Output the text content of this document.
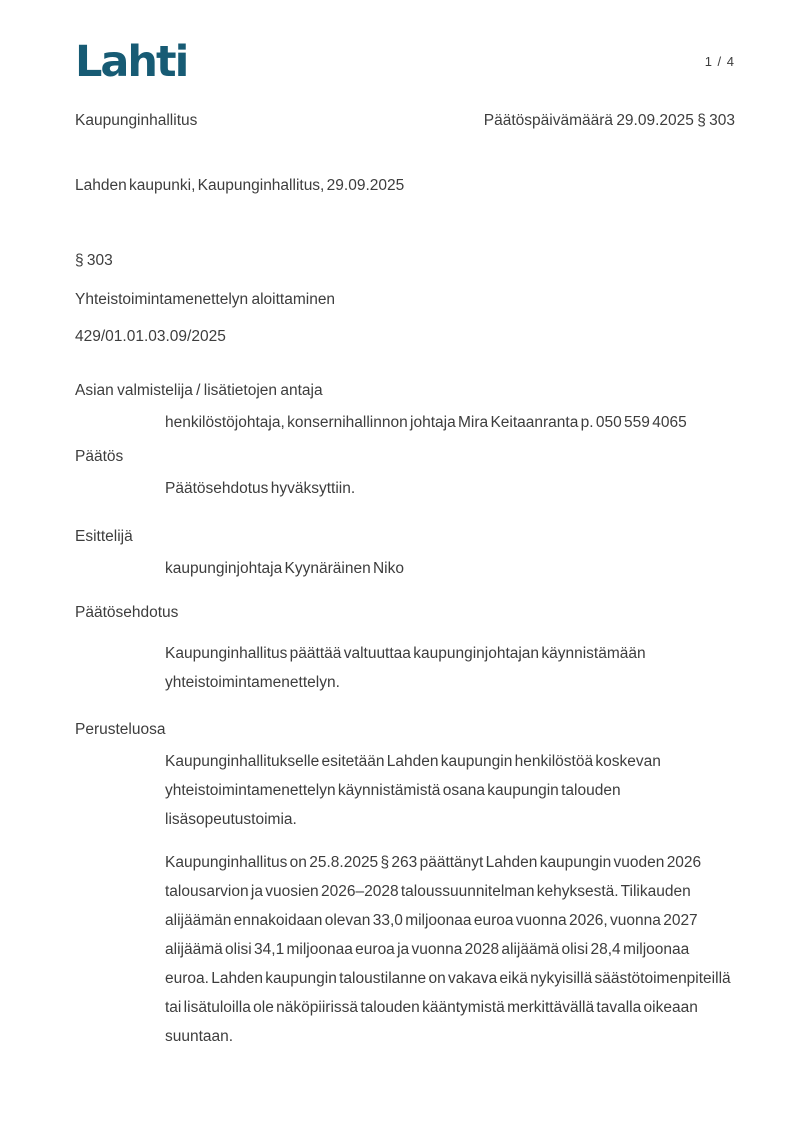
Lahti	1 / 4
Kaupunginhallitus	Päätöspäivämäärä 29.09.2025 § 303
Lahden kaupunki, Kaupunginhallitus, 29.09.2025
§ 303
Yhteistoimintamenettelyn aloittaminen
429/01.01.03.09/2025
Asian valmistelija / lisätietojen antaja

henkilöstöjohtaja, konsernihallinnon johtaja Mira Keitaanranta p. 050 559 4065

Päätös

Päätösehdotus hyväksyttiin.

Esittelijä

kaupunginjohtaja Kyynäräinen Niko

Päätösehdotus

Kaupunginhallitus päättää valtuuttaa kaupunginjohtajan käynnistämään yhteistoimintamenettelyn.

Perusteluosa

Kaupunginhallitukselle esitetään Lahden kaupungin henkilöstöä koskevan yhteistoimintamenettelyn käynnistämistä osana kaupungin talouden lisäsopeutustoimia.

Kaupunginhallitus on 25.8.2025 § 263 päättänyt Lahden kaupungin vuoden 2026 talousarvion ja vuosien 2026–2028 taloussuunnitelman kehyksestä. Tilikauden alijäämän ennakoidaan olevan 33,0 miljoonaa euroa vuonna 2026, vuonna 2027 alijäämä olisi 34,1 miljoonaa euroa ja vuonna 2028 alijäämä olisi 28,4 miljoonaa euroa. Lahden kaupungin taloustilanne on vakava eikä nykyisillä säästötoimenpiteillä tai lisätuloilla ole näköpiirissä talouden kääntymistä merkittävällä tavalla oikeaan suuntaan.
